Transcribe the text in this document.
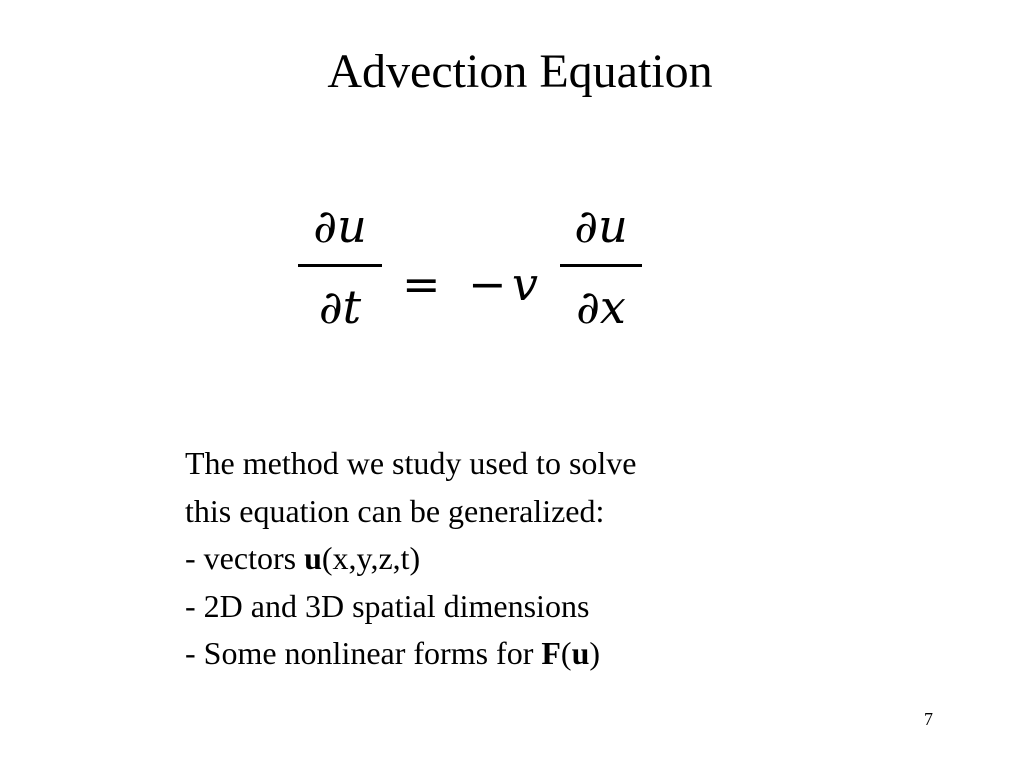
Advection Equation
∂u
∂t = − v
∂u
∂x
The method we study used to solve
this equation can be generalized:
- vectors u(x,y,z,t)
- 2D and 3D spatial dimensions
- Some nonlinear forms for F(u)
7
